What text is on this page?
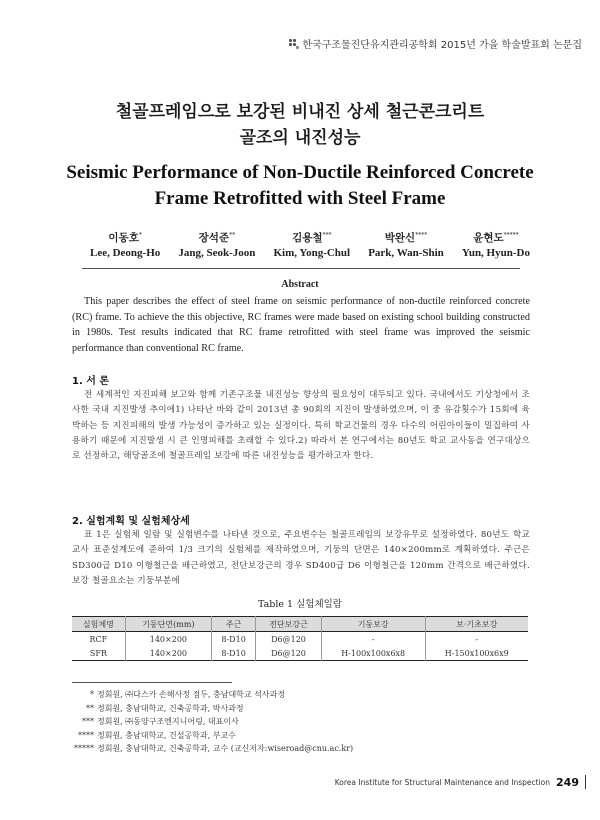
한국구조물진단유지관리공학회 2015년 가을 학술발표회 논문집
철골프레임으로 보강된 비내진 상세 철근콘크리트
골조의 내진성능
Seismic Performance of Non-Ductile Reinforced Concrete
Frame Retrofitted with Steel Frame
이동호*
Lee, Deong-Ho
장석준**
Jang, Seok-Joon
김용철***
Kim, Yong-Chul
박완신****
Park, Wan-Shin
윤현도*****
Yun, Hyun-Do
Abstract
This paper describes the effect of steel frame on seismic performance of non-ductile reinforced concrete (RC) frame. To achieve the this objective, RC frames were made based on existing school building constructed in 1980s. Test results indicated that RC frame retrofitted with steel frame was improved the seismic performance than conventional RC frame.
1. 서 론
전 세계적인 지진피해 보고와 함께 기존구조물 내진성능 향상의 필요성이 대두되고 있다. 국내에서도 기상청에서 조사한 국내 지진발생 추이에1) 나타난 바와 같이 2013년 총 90회의 지진이 발생하였으며, 이 중 유감횟수가 15회에 육박하는 등 지진피해의 발생 가능성이 증가하고 있는 실정이다. 특히 학교건물의 경우 다수의 어린아이들이 밀집하여 사용하기 때문에 지진발생 시 큰 인명피해를 초래할 수 있다.2) 따라서 본 연구에서는 80년도 학교 교사동을 연구대상으로 선정하고, 해당골조에 철골프레임 보강에 따른 내진성능을 평가하고자 한다.
2. 실험계획 및 실험체상세
표 1은 실험체 일람 및 실험변수를 나타낸 것으로, 주요변수는 철골프레임의 보강유무로 설정하였다. 80년도 학교 교사 표준설계도에 준하여 1/3 크기의 실험체를 제작하였으며, 기둥의 단면은 140×200mm로 계획하였다. 주근은 SD300급 D10 이형철근을 배근하였고, 전단보강근의 경우 SD400급 D6 이형철근을 120mm 간격으로 배근하였다. 보강 철골요소는 기둥부분에
Table 1 실험체일람
실험체명	기둥단면(mm)	주근	전단보강근	기둥보강	보·기초보강
RCF	140×200	8-D10	D6@120	-	-
SFR	140×200	8-D10	D6@120	H-100x100x6x8	H-150x100x6x9
* 정회원, ㈜다스카 손해사정 점두, 충남대학교 석사과정
** 정회원, 충남대학교, 건축공학과, 박사과정
*** 정회원, ㈜동양구조엔지니어링, 대표이사
**** 정회원, 충남대학교, 건설공학과, 부교수
***** 정회원, 충남대학교, 건축공학과, 교수 (교신저자:wiseroad@cnu.ac.kr)
Korea Institute for Structural Maintenance and Inspection 249
